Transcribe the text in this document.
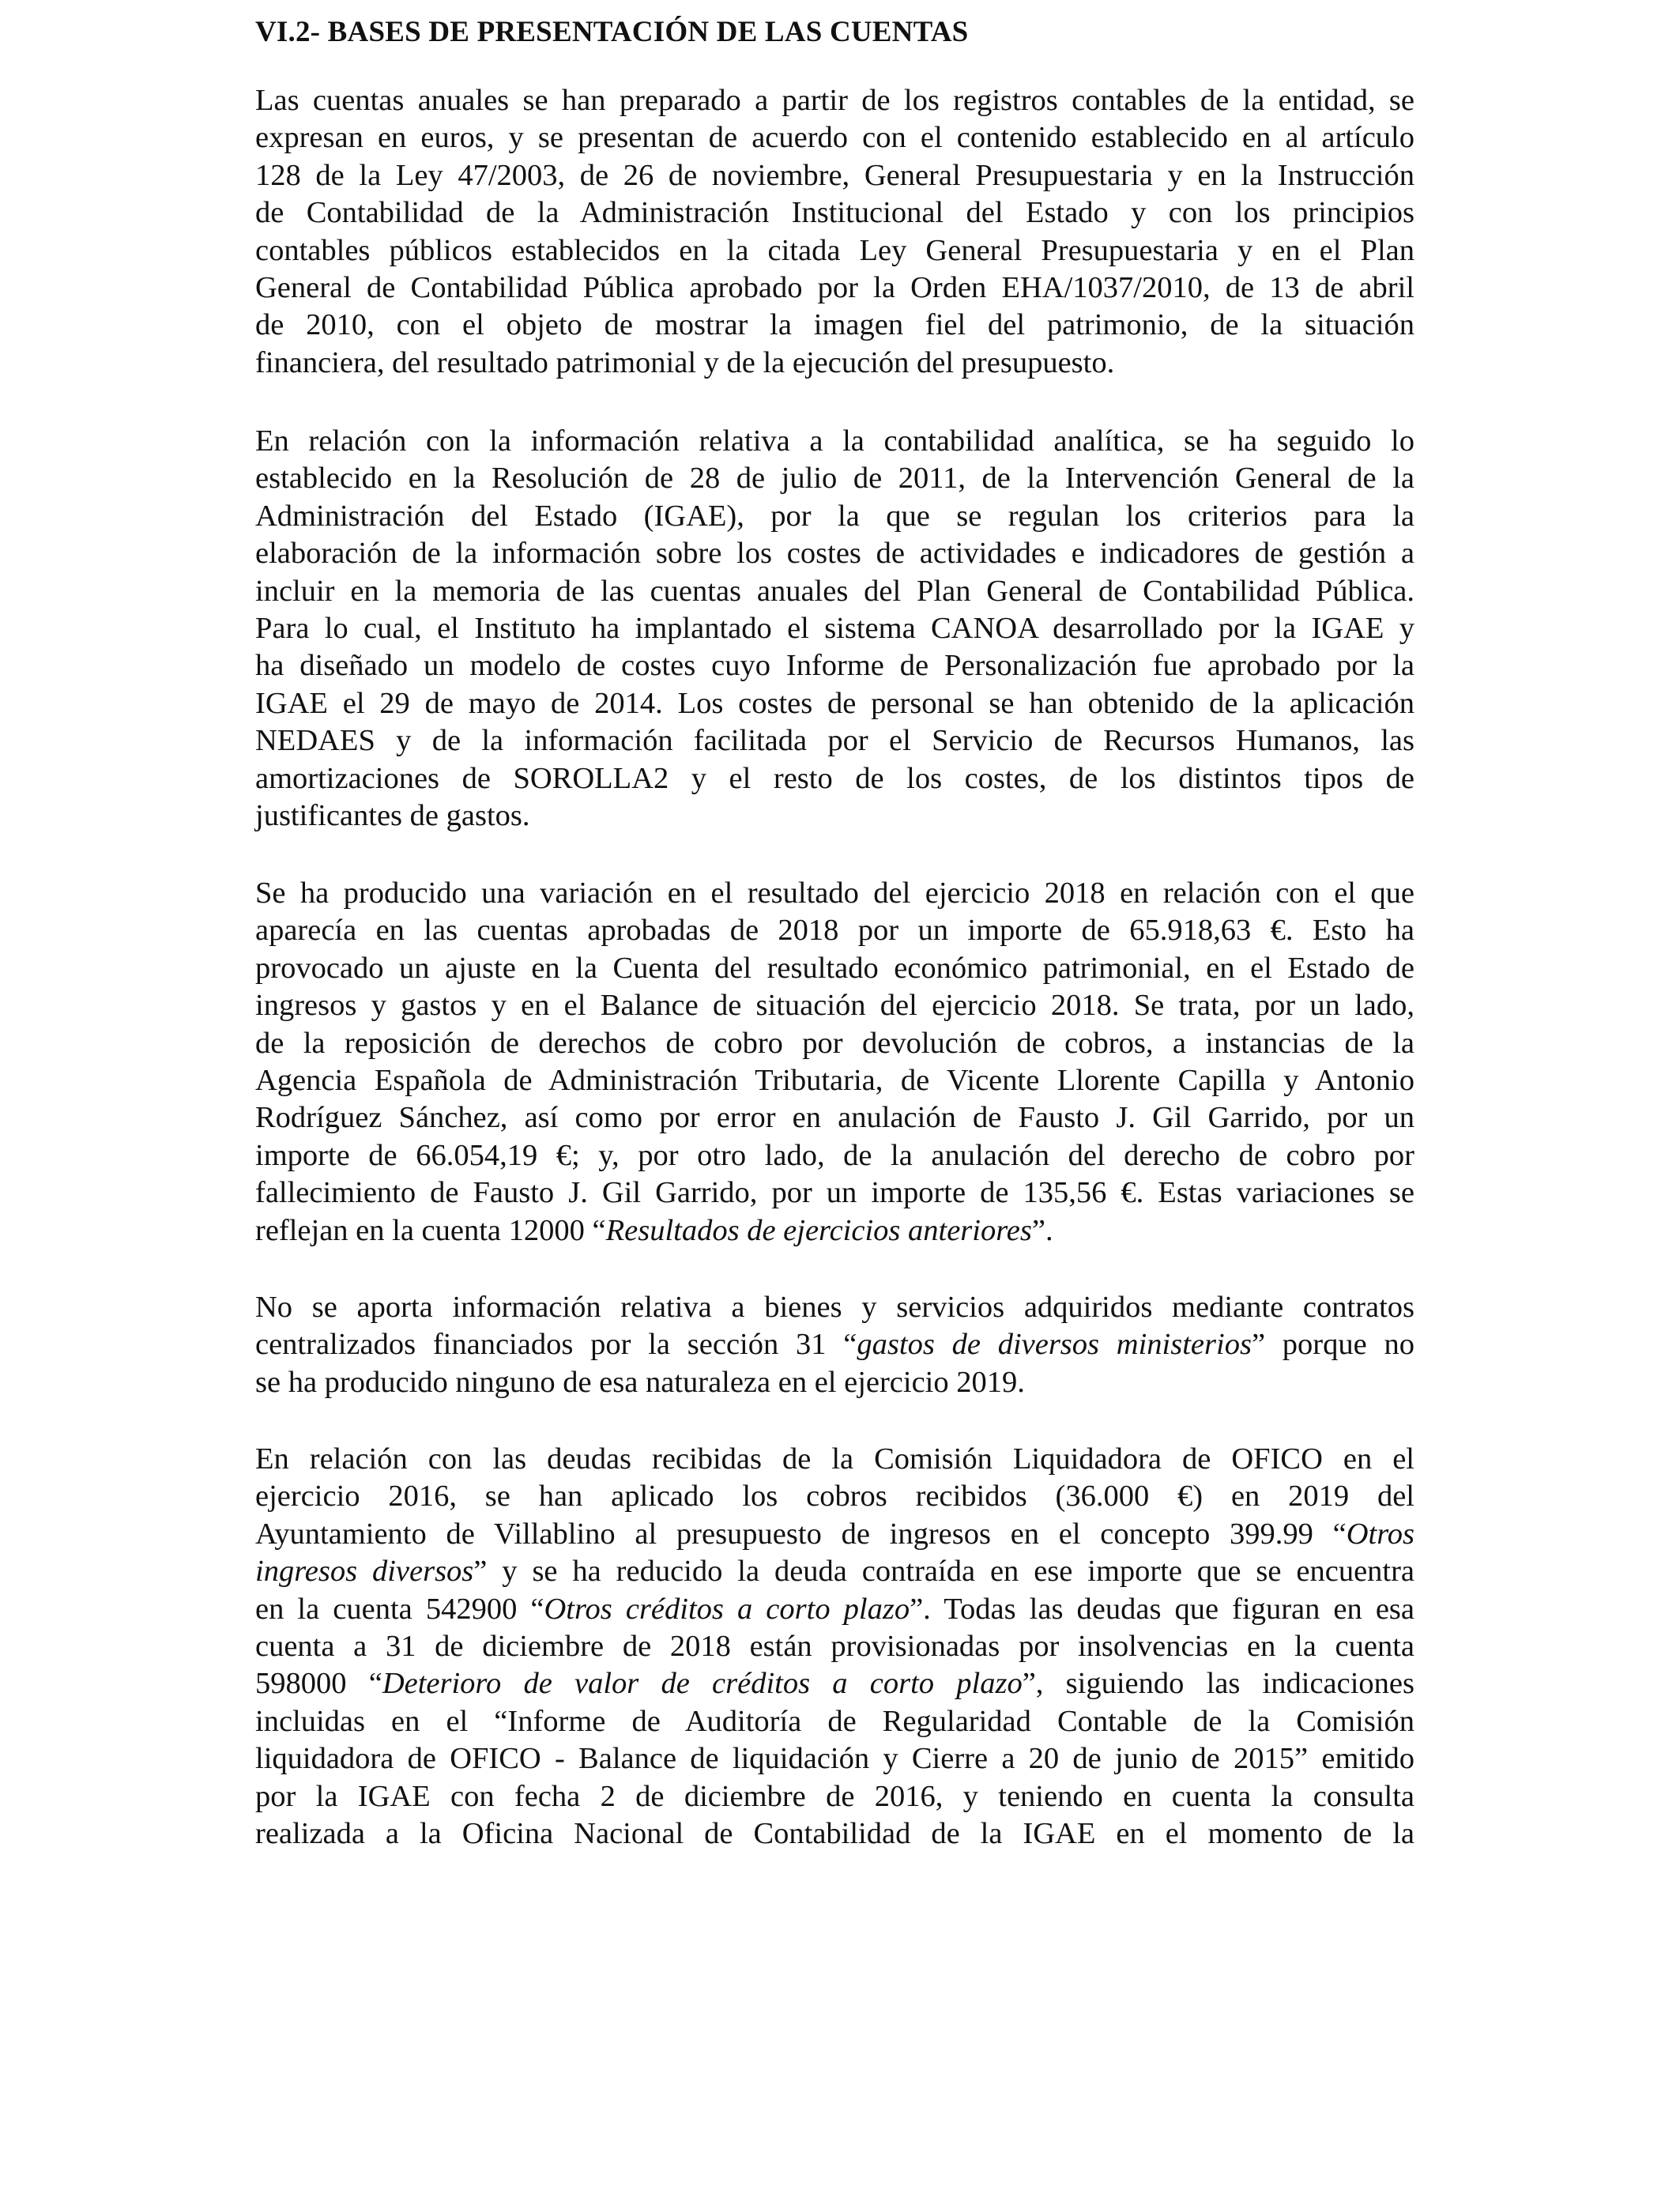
VI.2- BASES DE PRESENTACIÓN DE LAS CUENTAS

Las cuentas anuales se han preparado a partir de los registros contables de la entidad, se
expresan en euros, y se presentan de acuerdo con el contenido establecido en al artículo
128 de la Ley 47/2003, de 26 de noviembre, General Presupuestaria y en la Instrucción
de Contabilidad de la Administración Institucional del Estado y con los principios
contables públicos establecidos en la citada Ley General Presupuestaria y en el Plan
General de Contabilidad Pública aprobado por la Orden EHA/1037/2010, de 13 de abril
de 2010, con el objeto de mostrar la imagen fiel del patrimonio, de la situación
financiera, del resultado patrimonial y de la ejecución del presupuesto.

En relación con la información relativa a la contabilidad analítica, se ha seguido lo
establecido en la Resolución de 28 de julio de 2011, de la Intervención General de la
Administración del Estado (IGAE), por la que se regulan los criterios para la
elaboración de la información sobre los costes de actividades e indicadores de gestión a
incluir en la memoria de las cuentas anuales del Plan General de Contabilidad Pública.
Para lo cual, el Instituto ha implantado el sistema CANOA desarrollado por la IGAE y
ha diseñado un modelo de costes cuyo Informe de Personalización fue aprobado por la
IGAE el 29 de mayo de 2014. Los costes de personal se han obtenido de la aplicación
NEDAES y de la información facilitada por el Servicio de Recursos Humanos, las
amortizaciones de SOROLLA2 y el resto de los costes, de los distintos tipos de
justificantes de gastos.

Se ha producido una variación en el resultado del ejercicio 2018 en relación con el que
aparecía en las cuentas aprobadas de 2018 por un importe de 65.918,63 €. Esto ha
provocado un ajuste en la Cuenta del resultado económico patrimonial, en el Estado de
ingresos y gastos y en el Balance de situación del ejercicio 2018. Se trata, por un lado,
de la reposición de derechos de cobro por devolución de cobros, a instancias de la
Agencia Española de Administración Tributaria, de Vicente Llorente Capilla y Antonio
Rodríguez Sánchez, así como por error en anulación de Fausto J. Gil Garrido, por un
importe de 66.054,19 €; y, por otro lado, de la anulación del derecho de cobro por
fallecimiento de Fausto J. Gil Garrido, por un importe de 135,56 €. Estas variaciones se
reflejan en la cuenta 12000 “Resultados de ejercicios anteriores”.

No se aporta información relativa a bienes y servicios adquiridos mediante contratos
centralizados financiados por la sección 31 “gastos de diversos ministerios” porque no
se ha producido ninguno de esa naturaleza en el ejercicio 2019.

En relación con las deudas recibidas de la Comisión Liquidadora de OFICO en el
ejercicio 2016, se han aplicado los cobros recibidos (36.000 €) en 2019 del
Ayuntamiento de Villablino al presupuesto de ingresos en el concepto 399.99 “Otros
ingresos diversos” y se ha reducido la deuda contraída en ese importe que se encuentra
en la cuenta 542900 “Otros créditos a corto plazo”. Todas las deudas que figuran en esa
cuenta a 31 de diciembre de 2018 están provisionadas por insolvencias en la cuenta
598000 “Deterioro de valor de créditos a corto plazo”, siguiendo las indicaciones
incluidas en el “Informe de Auditoría de Regularidad Contable de la Comisión
liquidadora de OFICO - Balance de liquidación y Cierre a 20 de junio de 2015” emitido
por la IGAE con fecha 2 de diciembre de 2016, y teniendo en cuenta la consulta
realizada a la Oficina Nacional de Contabilidad de la IGAE en el momento de la
